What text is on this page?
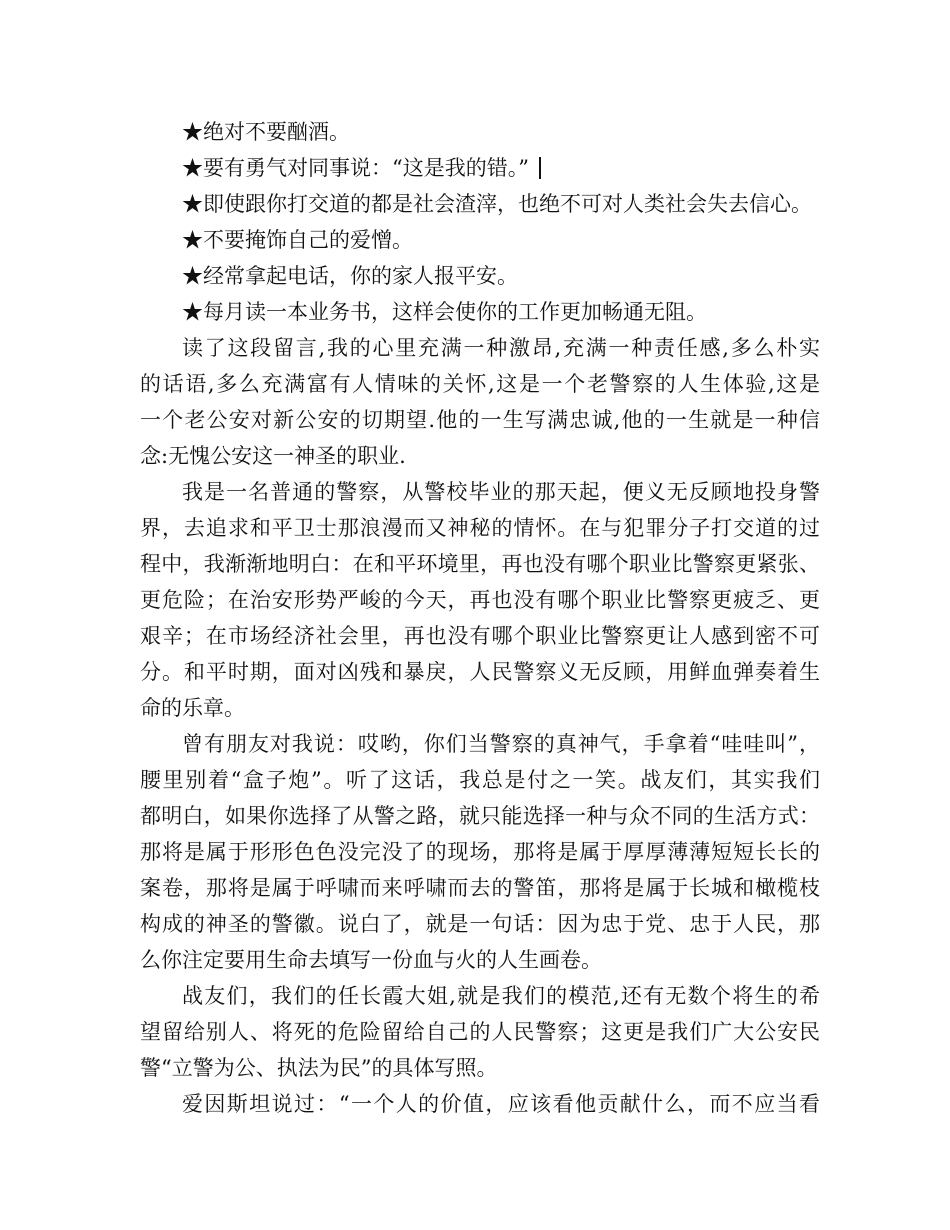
★绝对不要酗酒。
★要有勇气对同事说：“这是我的错。”
★即使跟你打交道的都是社会渣滓，也绝不可对人类社会失去信心。
★不要掩饰自己的爱憎。
★经常拿起电话，你的家人报平安。
★每月读一本业务书，这样会使你的工作更加畅通无阻。
读了这段留言,我的心里充满一种激昂,充满一种责任感,多么朴实
的话语,多么充满富有人情味的关怀,这是一个老警察的人生体验,这是
一个老公安对新公安的切期望.他的一生写满忠诚,他的一生就是一种信
念:无愧公安这一神圣的职业.
我是一名普通的警察，从警校毕业的那天起，便义无反顾地投身警
界，去追求和平卫士那浪漫而又神秘的情怀。在与犯罪分子打交道的过
程中，我渐渐地明白：在和平环境里，再也没有哪个职业比警察更紧张、
更危险；在治安形势严峻的今天，再也没有哪个职业比警察更疲乏、更
艰辛；在市场经济社会里，再也没有哪个职业比警察更让人感到密不可
分。和平时期，面对凶残和暴戾，人民警察义无反顾，用鲜血弹奏着生
命的乐章。
曾有朋友对我说：哎哟，你们当警察的真神气，手拿着“哇哇叫”，
腰里别着“盒子炮”。听了这话，我总是付之一笑。战友们，其实我们
都明白，如果你选择了从警之路，就只能选择一种与众不同的生活方式：
那将是属于形形色色没完没了的现场，那将是属于厚厚薄薄短短长长的
案卷，那将是属于呼啸而来呼啸而去的警笛，那将是属于长城和橄榄枝
构成的神圣的警徽。说白了，就是一句话：因为忠于党、忠于人民，那
么你注定要用生命去填写一份血与火的人生画卷。
战友们，我们的任长霞大姐,就是我们的模范,还有无数个将生的希
望留给别人、将死的危险留给自己的人民警察；这更是我们广大公安民
警“立警为公、执法为民”的具体写照。
爱因斯坦说过：“一个人的价值，应该看他贡献什么，而不应当看
